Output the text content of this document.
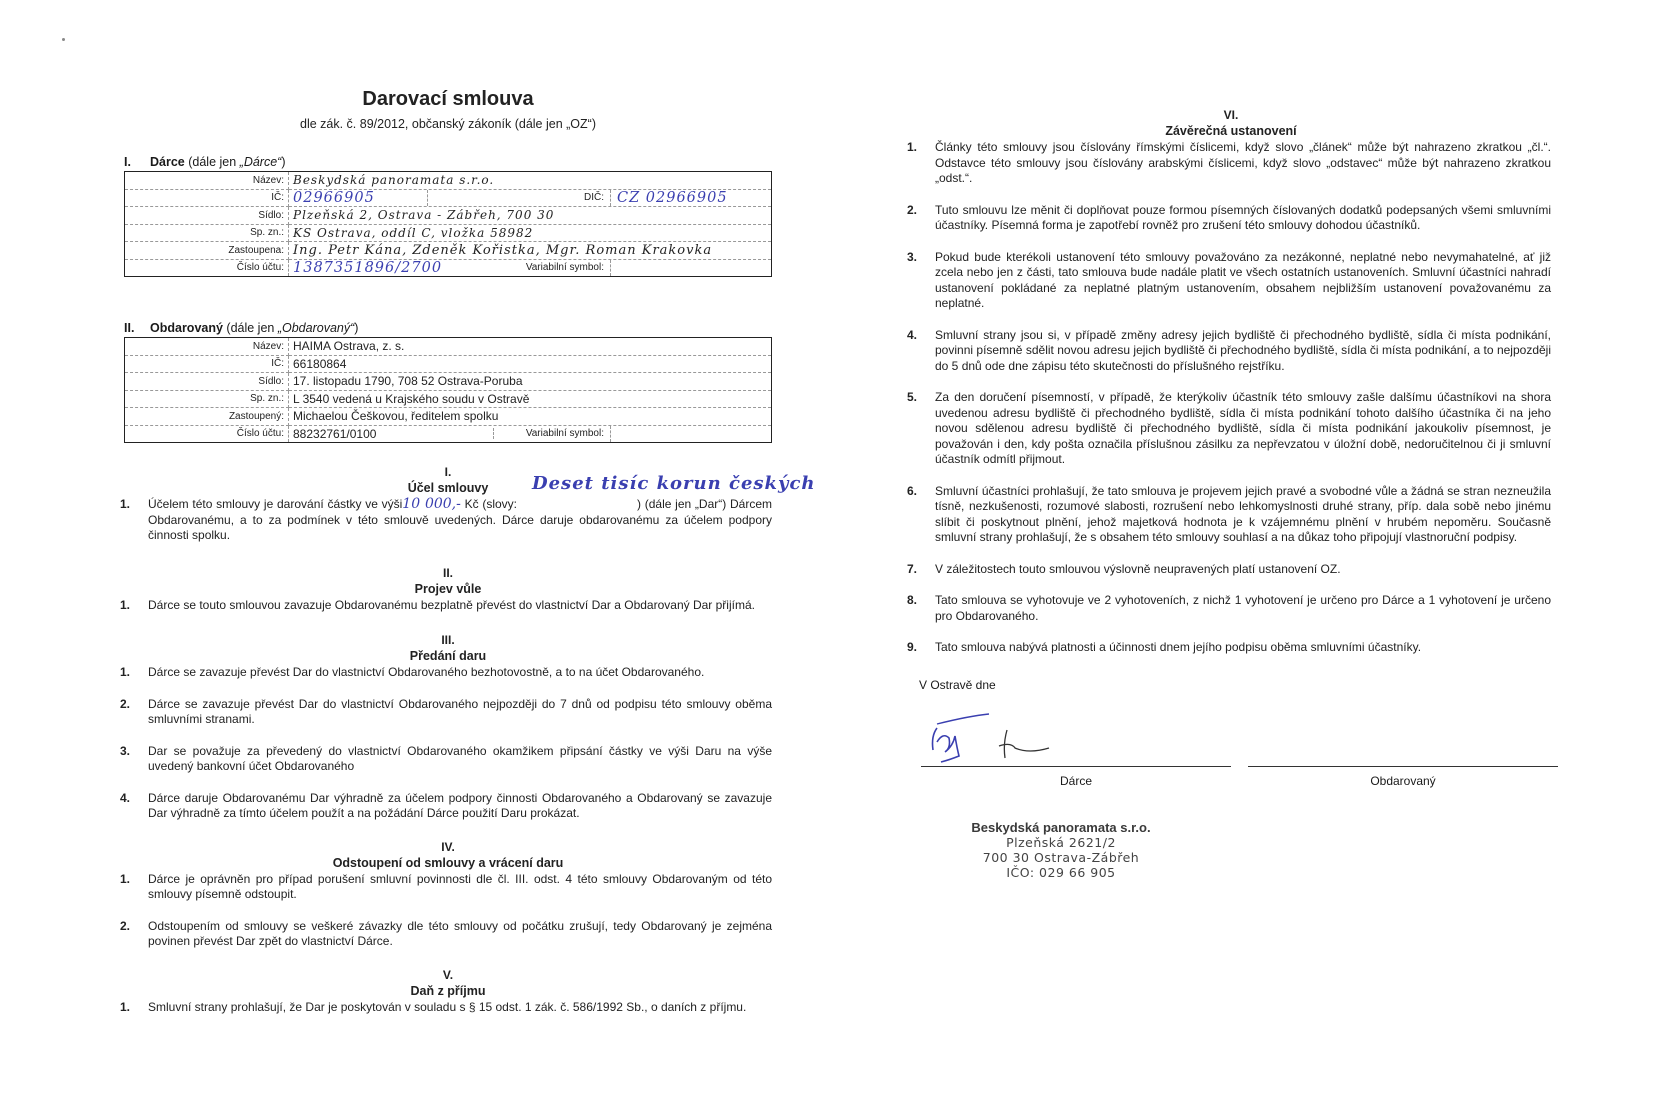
Darovací smlouva
dle zák. č. 89/2012, občanský zákoník (dále jen „OZ“)
I. Dárce (dále jen „Dárce“)
Název:	Beskydská panoramata s.r.o.
IČ:	02966905 DIČ: CZ 02966905

Sídlo:	Plzeňská 2, Ostrava - Zábřeh, 700 30
Sp. zn.:	KS Ostrava, oddíl C, vložka 58982
Zastoupena:	Ing. Petr Kána, Zdeněk Kořistka, Mgr. Roman Krakovka
Číslo účtu:	1387351896/2700 Variabilní symbol:
II. Obdarovaný (dále jen „Obdarovaný“)
Název:	HAIMA Ostrava, z. s.
IČ:	66180864
Sídlo:	17. listopadu 1790, 708 52 Ostrava-Poruba
Sp. zn.:	L 3540 vedená u Krajského soudu v Ostravě
Zastoupený:	Michaelou Češkovou, ředitelem spolku
Číslo účtu:	88232761/0100 Variabilní symbol:
I.
Účel smlouvy Deset tisíc korun českých
1.	Účelem této smlouvy je darování částky ve výši10 000,- Kč (slovy:	) (dále jen „Dar“) Dárcem Obdarovanému, a to za podmínek v této smlouvě uvedených. Dárce daruje obdarovanému za účelem podpory činnosti spolku.
II.
Projev vůle
1.	Dárce se touto smlouvou zavazuje Obdarovanému bezplatně převést do vlastnictví Dar a Obdarovaný Dar přijímá.
III.
Předání daru
1.	Dárce se zavazuje převést Dar do vlastnictví Obdarovaného bezhotovostně, a to na účet Obdarovaného.
2.	Dárce se zavazuje převést Dar do vlastnictví Obdarovaného nejpozději do 7 dnů od podpisu této smlouvy oběma smluvními stranami.
3.	Dar se považuje za převedený do vlastnictví Obdarovaného okamžikem připsání částky ve výši Daru na výše uvedený bankovní účet Obdarovaného
4.	Dárce daruje Obdarovanému Dar výhradně za účelem podpory činnosti Obdarovaného a Obdarovaný se zavazuje Dar výhradně za tímto účelem použít a na požádání Dárce použití Daru prokázat.
IV.
Odstoupení od smlouvy a vrácení daru
1.	Dárce je oprávněn pro případ porušení smluvní povinnosti dle čl. III. odst. 4 této smlouvy Obdarovaným od této smlouvy písemně odstoupit.
2.	Odstoupením od smlouvy se veškeré závazky dle této smlouvy od počátku zrušují, tedy Obdarovaný je zejména povinen převést Dar zpět do vlastnictví Dárce.
V.
Daň z příjmu
1.	Smluvní strany prohlašují, že Dar je poskytován v souladu s § 15 odst. 1 zák. č. 586/1992 Sb., o daních z příjmu.
VI.
Závěrečná ustanovení
1.	Články této smlouvy jsou číslovány římskými číslicemi, když slovo „článek“ může být nahrazeno zkratkou „čl.“. Odstavce této smlouvy jsou číslovány arabskými číslicemi, když slovo „odstavec“ může být nahrazeno zkratkou „odst.“.
2.	Tuto smlouvu lze měnit či doplňovat pouze formou písemných číslovaných dodatků podepsaných všemi smluvními účastníky. Písemná forma je zapotřebí rovněž pro zrušení této smlouvy dohodou účastníků.
3.	Pokud bude kterékoli ustanovení této smlouvy považováno za nezákonné, neplatné nebo nevymahatelné, ať již zcela nebo jen z části, tato smlouva bude nadále platit ve všech ostatních ustanoveních. Smluvní účastníci nahradí ustanovení pokládané za neplatné platným ustanovením, obsahem nejbližším ustanovení považovanému za neplatné.
4.	Smluvní strany jsou si, v případě změny adresy jejich bydliště či přechodného bydliště, sídla či místa podnikání, povinni písemně sdělit novou adresu jejich bydliště či přechodného bydliště, sídla či místa podnikání, a to nejpozději do 5 dnů ode dne zápisu této skutečnosti do příslušného rejstříku.
5.	Za den doručení písemností, v případě, že kterýkoliv účastník této smlouvy zašle dalšímu účastníkovi na shora uvedenou adresu bydliště či přechodného bydliště, sídla či místa podnikání tohoto dalšího účastníka či na jeho novou sdělenou adresu bydliště či přechodného bydliště, sídla či místa podnikání jakoukoliv písemnost, je považován i den, kdy pošta označila příslušnou zásilku za nepřevzatou v úložní době, nedoručitelnou či ji smluvní účastník odmítl přijmout.
6.	Smluvní účastníci prohlašují, že tato smlouva je projevem jejich pravé a svobodné vůle a žádná se stran nezneužila tísně, nezkušenosti, rozumové slabosti, rozrušení nebo lehkomyslnosti druhé strany, příp. dala sobě nebo jinému slíbit či poskytnout plnění, jehož majetková hodnota je k vzájemnému plnění v hrubém nepoměru. Současně smluvní strany prohlašují, že s obsahem této smlouvy souhlasí a na důkaz toho připojují vlastnoruční podpisy.
7.	V záležitostech touto smlouvou výslovně neupravených platí ustanovení OZ.
8.	Tato smlouva se vyhotovuje ve 2 vyhotoveních, z nichž 1 vyhotovení je určeno pro Dárce a 1 vyhotovení je určeno pro Obdarovaného.
9.	Tato smlouva nabývá platnosti a účinnosti dnem jejího podpisu oběma smluvními účastníky.
V Ostravě dne
Dárce	Obdarovaný
Beskydská panoramata s.r.o.
Plzeňská 2621/2
700 30 Ostrava-Zábřeh
IČO: 029 66 905
